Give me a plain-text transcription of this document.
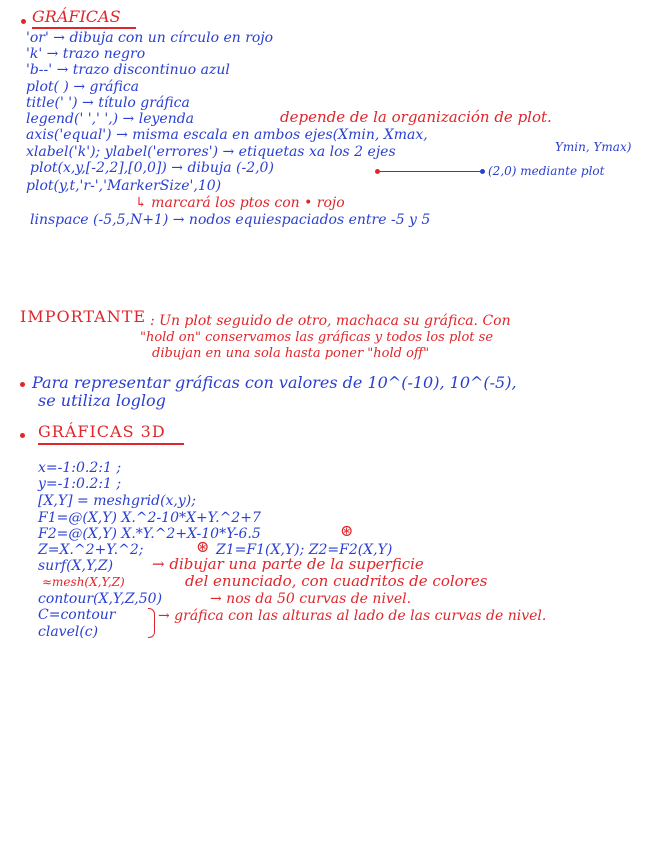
GRÁFICAS
'or' → dibuja con un círculo en rojo
'k' → trazo negro
'b--' → trazo discontinuo azul
plot( ) → gráfica
title(' ') → título gráfica
legend(' ',' ',) → leyenda	depende de la organización de plot.
axis('equal') → misma escala en ambos ejes(Xmin, Xmax,
xlabel('k'); ylabel('errores') → etiquetas xa los 2 ejes	Ymin, Ymax)
plot(x,y,[-2,2],[0,0]) → dibuja (-2,0)	(2,0) mediante plot
plot(y,t,'r-','MarkerSize',10)
↳ marcará los ptos con • rojo
linspace (-5,5,N+1) → nodos equiespaciados entre -5 y 5
IMPORTANTE : Un plot seguido de otro, machaca su gráfica. Con
"hold on" conservamos las gráficas y todos los plot se
dibujan en una sola hasta poner "hold off"
Para representar gráficas con valores de 10^(-10), 10^(-5),
se utiliza loglog
GRÁFICAS 3D
x=-1:0.2:1 ;
y=-1:0.2:1 ;
[X,Y] = meshgrid(x,y);
F1=@(X,Y) X.^2-10*X+Y.^2+7
F2=@(X,Y) X.*Y.^2+X-10*Y-6.5	⊛
Z=X.^2+Y.^2;	⊛ Z1=F1(X,Y); Z2=F2(X,Y)
surf(X,Y,Z)	→ dibujar una parte de la superficie
≈mesh(X,Y,Z)	del enunciado, con cuadritos de colores
contour(X,Y,Z,50)	→ nos da 50 curvas de nivel.
C=contour	→ gráfica con las alturas al lado de las curvas de nivel.
clavel(c)
